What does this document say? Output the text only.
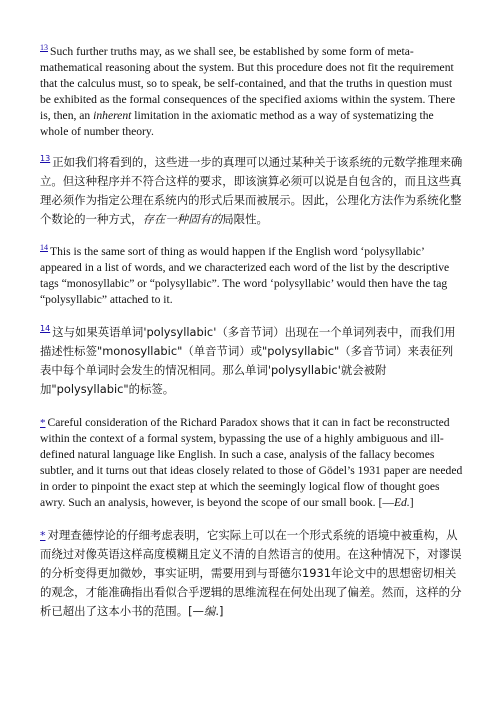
$^{13}$ Such further truths may, as we shall see, be established by some form of meta-mathematical reasoning about the system. But this procedure does not fit the requirement that the calculus must, so to speak, be self-contained, and that the truths in question must be exhibited as the formal consequences of the specified axioms within the system. There is, then, an inherent limitation in the axiomatic method as a way of systematizing the whole of number theory.

$^{13}$ 正如我们将看到的，这些进一步的真理可以通过某种关于该系统的元数学推理来确立。但这种程序并不符合这样的要求，即该演算必须可以说是自包含的，而且这些真理必须作为指定公理在系统内的形式后果而被展示。因此，公理化方法作为系统化整个数论的一种方式，存在一种固有的局限性。

$^{14}$ This is the same sort of thing as would happen if the English word ‘polysyllabic’ appeared in a list of words, and we characterized each word of the list by the descriptive tags “monosyllabic” or “polysyllabic”. The word ‘polysyllabic’ would then have the tag “polysyllabic” attached to it.

$^{14}$ 这与如果英语单词'polysyllabic'（多音节词）出现在一个单词列表中，而我们用描述性标签"monosyllabic"（单音节词）或"polysyllabic"（多音节词）来表征列表中每个单词时会发生的情况相同。那么单词'polysyllabic'就会被附加"polysyllabic"的标签。

* Careful consideration of the Richard Paradox shows that it can in fact be reconstructed within the context of a formal system, bypassing the use of a highly ambiguous and ill-defined natural language like English. In such a case, analysis of the fallacy becomes subtler, and it turns out that ideas closely related to those of Gödel’s 1931 paper are needed in order to pinpoint the exact step at which the seemingly logical flow of thought goes awry. Such an analysis, however, is beyond the scope of our small book. [—Ed.]

* 对理查德悖论的仔细考虑表明，它实际上可以在一个形式系统的语境中被重构，从而绕过对像英语这样高度模糊且定义不清的自然语言的使用。在这种情况下，对谬误的分析变得更加微妙，事实证明，需要用到与哥德尔1931年论文中的思想密切相关的观念，才能准确指出看似合乎逻辑的思维流程在何处出现了偏差。然而，这样的分析已超出了这本小书的范围。[—编.]
